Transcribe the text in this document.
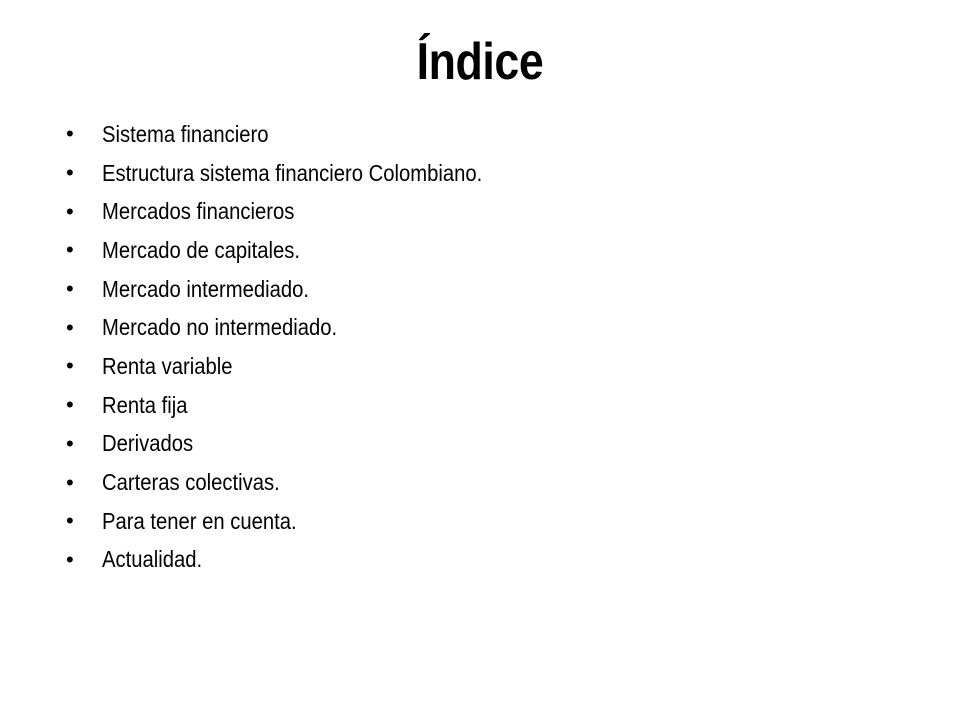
Índice
•	Sistema financiero
•	Estructura sistema financiero Colombiano.
•	Mercados financieros
•	Mercado de capitales.
•	Mercado intermediado.
•	Mercado no intermediado.
•	Renta variable
•	Renta fija
•	Derivados
•	Carteras colectivas.
•	Para tener en cuenta.
•	Actualidad.
